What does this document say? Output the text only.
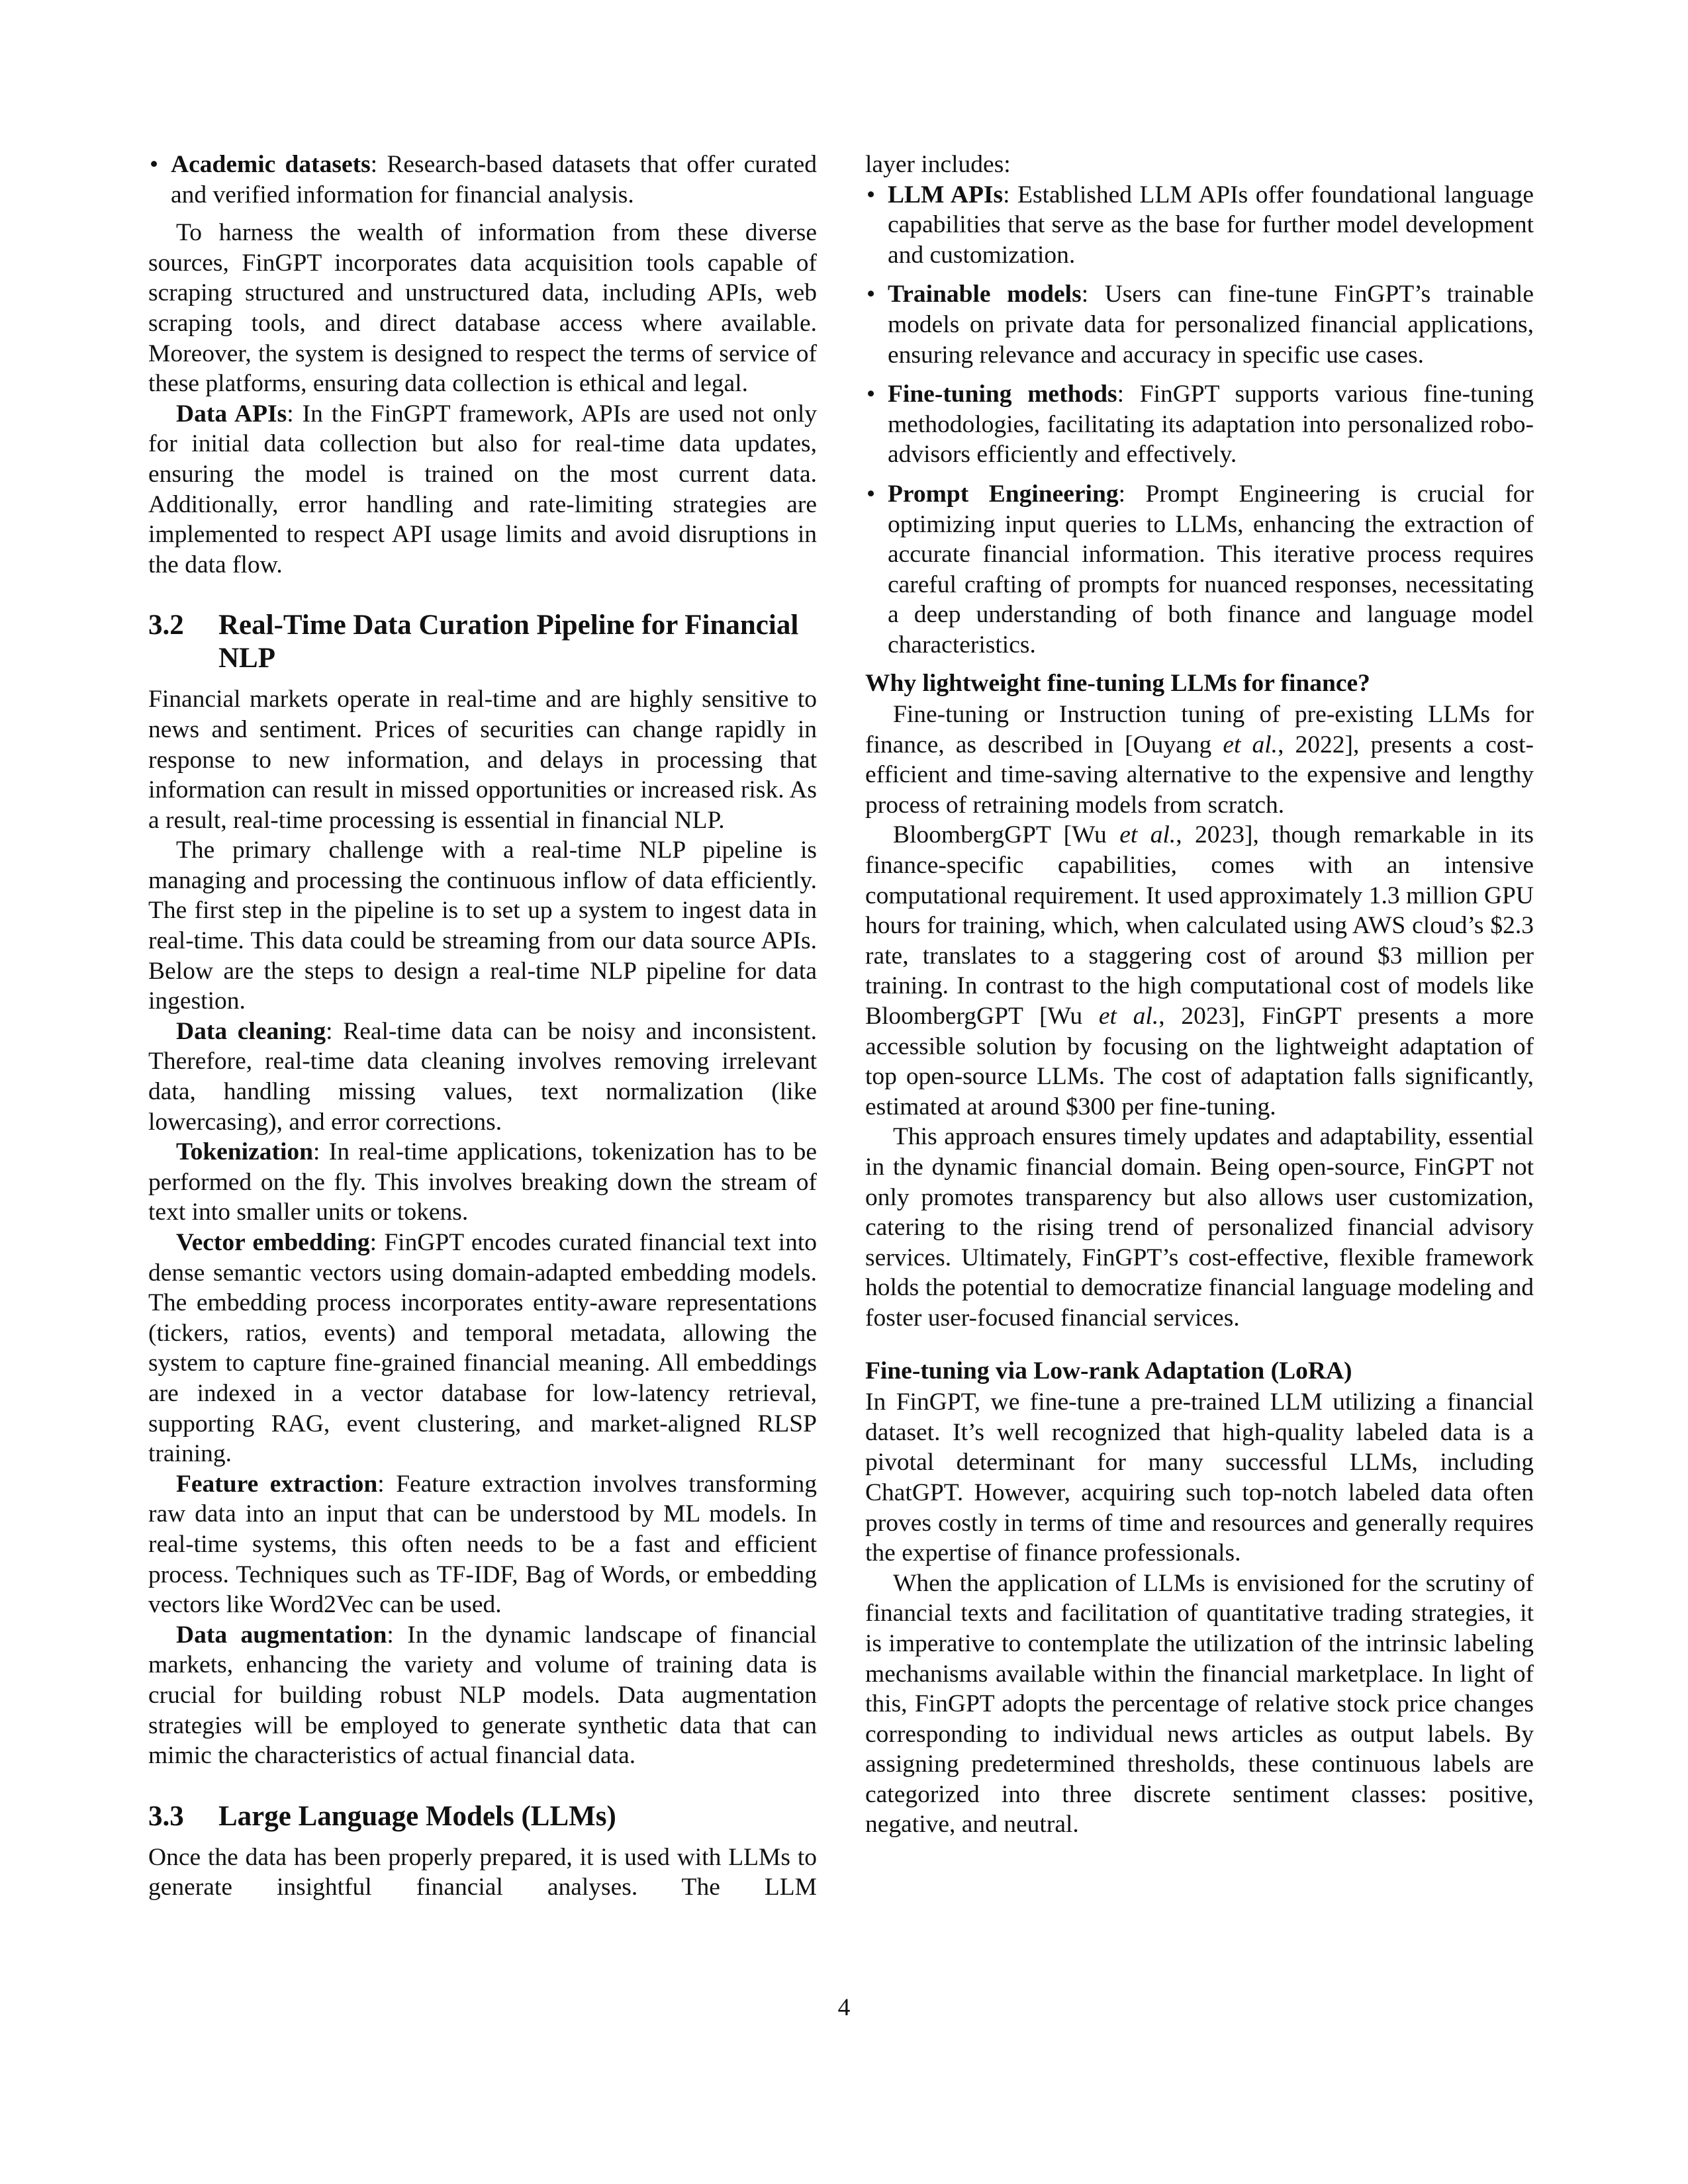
• Academic datasets: Research-based datasets that offer curated and verified information for financial analysis.

To harness the wealth of information from these diverse sources, FinGPT incorporates data acquisition tools capable of scraping structured and unstructured data, including APIs, web scraping tools, and direct database access where available. Moreover, the system is designed to respect the terms of service of these platforms, ensuring data collection is ethical and legal.

Data APIs: In the FinGPT framework, APIs are used not only for initial data collection but also for real-time data updates, ensuring the model is trained on the most current data. Additionally, error handling and rate-limiting strategies are implemented to respect API usage limits and avoid disruptions in the data flow.

3.2	Real-Time Data Curation Pipeline for Financial NLP

Financial markets operate in real-time and are highly sensitive to news and sentiment. Prices of securities can change rapidly in response to new information, and delays in processing that information can result in missed opportunities or increased risk. As a result, real-time processing is essential in financial NLP.

The primary challenge with a real-time NLP pipeline is managing and processing the continuous inflow of data efficiently. The first step in the pipeline is to set up a system to ingest data in real-time. This data could be streaming from our data source APIs. Below are the steps to design a real-time NLP pipeline for data ingestion.

Data cleaning: Real-time data can be noisy and inconsistent. Therefore, real-time data cleaning involves removing irrelevant data, handling missing values, text normalization (like lowercasing), and error corrections.

Tokenization: In real-time applications, tokenization has to be performed on the fly. This involves breaking down the stream of text into smaller units or tokens.

Vector embedding: FinGPT encodes curated financial text into dense semantic vectors using domain-adapted embedding models. The embedding process incorporates entity-aware representations (tickers, ratios, events) and temporal metadata, allowing the system to capture fine-grained financial meaning. All embeddings are indexed in a vector database for low-latency retrieval, supporting RAG, event clustering, and market-aligned RLSP training.

Feature extraction: Feature extraction involves transforming raw data into an input that can be understood by ML models. In real-time systems, this often needs to be a fast and efficient process. Techniques such as TF-IDF, Bag of Words, or embedding vectors like Word2Vec can be used.

Data augmentation: In the dynamic landscape of financial markets, enhancing the variety and volume of training data is crucial for building robust NLP models. Data augmentation strategies will be employed to generate synthetic data that can mimic the characteristics of actual financial data.

3.3	Large Language Models (LLMs)

Once the data has been properly prepared, it is used with LLMs to generate insightful financial analyses. The LLM

layer includes:

• LLM APIs: Established LLM APIs offer foundational language capabilities that serve as the base for further model development and customization.
• Trainable models: Users can fine-tune FinGPT’s trainable models on private data for personalized financial applications, ensuring relevance and accuracy in specific use cases.
• Fine-tuning methods: FinGPT supports various fine-tuning methodologies, facilitating its adaptation into personalized robo-advisors efficiently and effectively.
• Prompt Engineering: Prompt Engineering is crucial for optimizing input queries to LLMs, enhancing the extraction of accurate financial information. This iterative process requires careful crafting of prompts for nuanced responses, necessitating a deep understanding of both finance and language model characteristics.
Why lightweight fine-tuning LLMs for finance?

Fine-tuning or Instruction tuning of pre-existing LLMs for finance, as described in [Ouyang et al., 2022], presents a cost-efficient and time-saving alternative to the expensive and lengthy process of retraining models from scratch.

BloombergGPT [Wu et al., 2023], though remarkable in its finance-specific capabilities, comes with an intensive computational requirement. It used approximately 1.3 million GPU hours for training, which, when calculated using AWS cloud’s $2.3 rate, translates to a staggering cost of around $3 million per training. In contrast to the high computational cost of models like BloombergGPT [Wu et al., 2023], FinGPT presents a more accessible solution by focusing on the lightweight adaptation of top open-source LLMs. The cost of adaptation falls significantly, estimated at around $300 per fine-tuning.

This approach ensures timely updates and adaptability, essential in the dynamic financial domain. Being open-source, FinGPT not only promotes transparency but also allows user customization, catering to the rising trend of personalized financial advisory services. Ultimately, FinGPT’s cost-effective, flexible framework holds the potential to democratize financial language modeling and foster user-focused financial services.

Fine-tuning via Low-rank Adaptation (LoRA)

In FinGPT, we fine-tune a pre-trained LLM utilizing a financial dataset. It’s well recognized that high-quality labeled data is a pivotal determinant for many successful LLMs, including ChatGPT. However, acquiring such top-notch labeled data often proves costly in terms of time and resources and generally requires the expertise of finance professionals.

When the application of LLMs is envisioned for the scrutiny of financial texts and facilitation of quantitative trading strategies, it is imperative to contemplate the utilization of the intrinsic labeling mechanisms available within the financial marketplace. In light of this, FinGPT adopts the percentage of relative stock price changes corresponding to individual news articles as output labels. By assigning predetermined thresholds, these continuous labels are categorized into three discrete sentiment classes: positive, negative, and neutral.

4
